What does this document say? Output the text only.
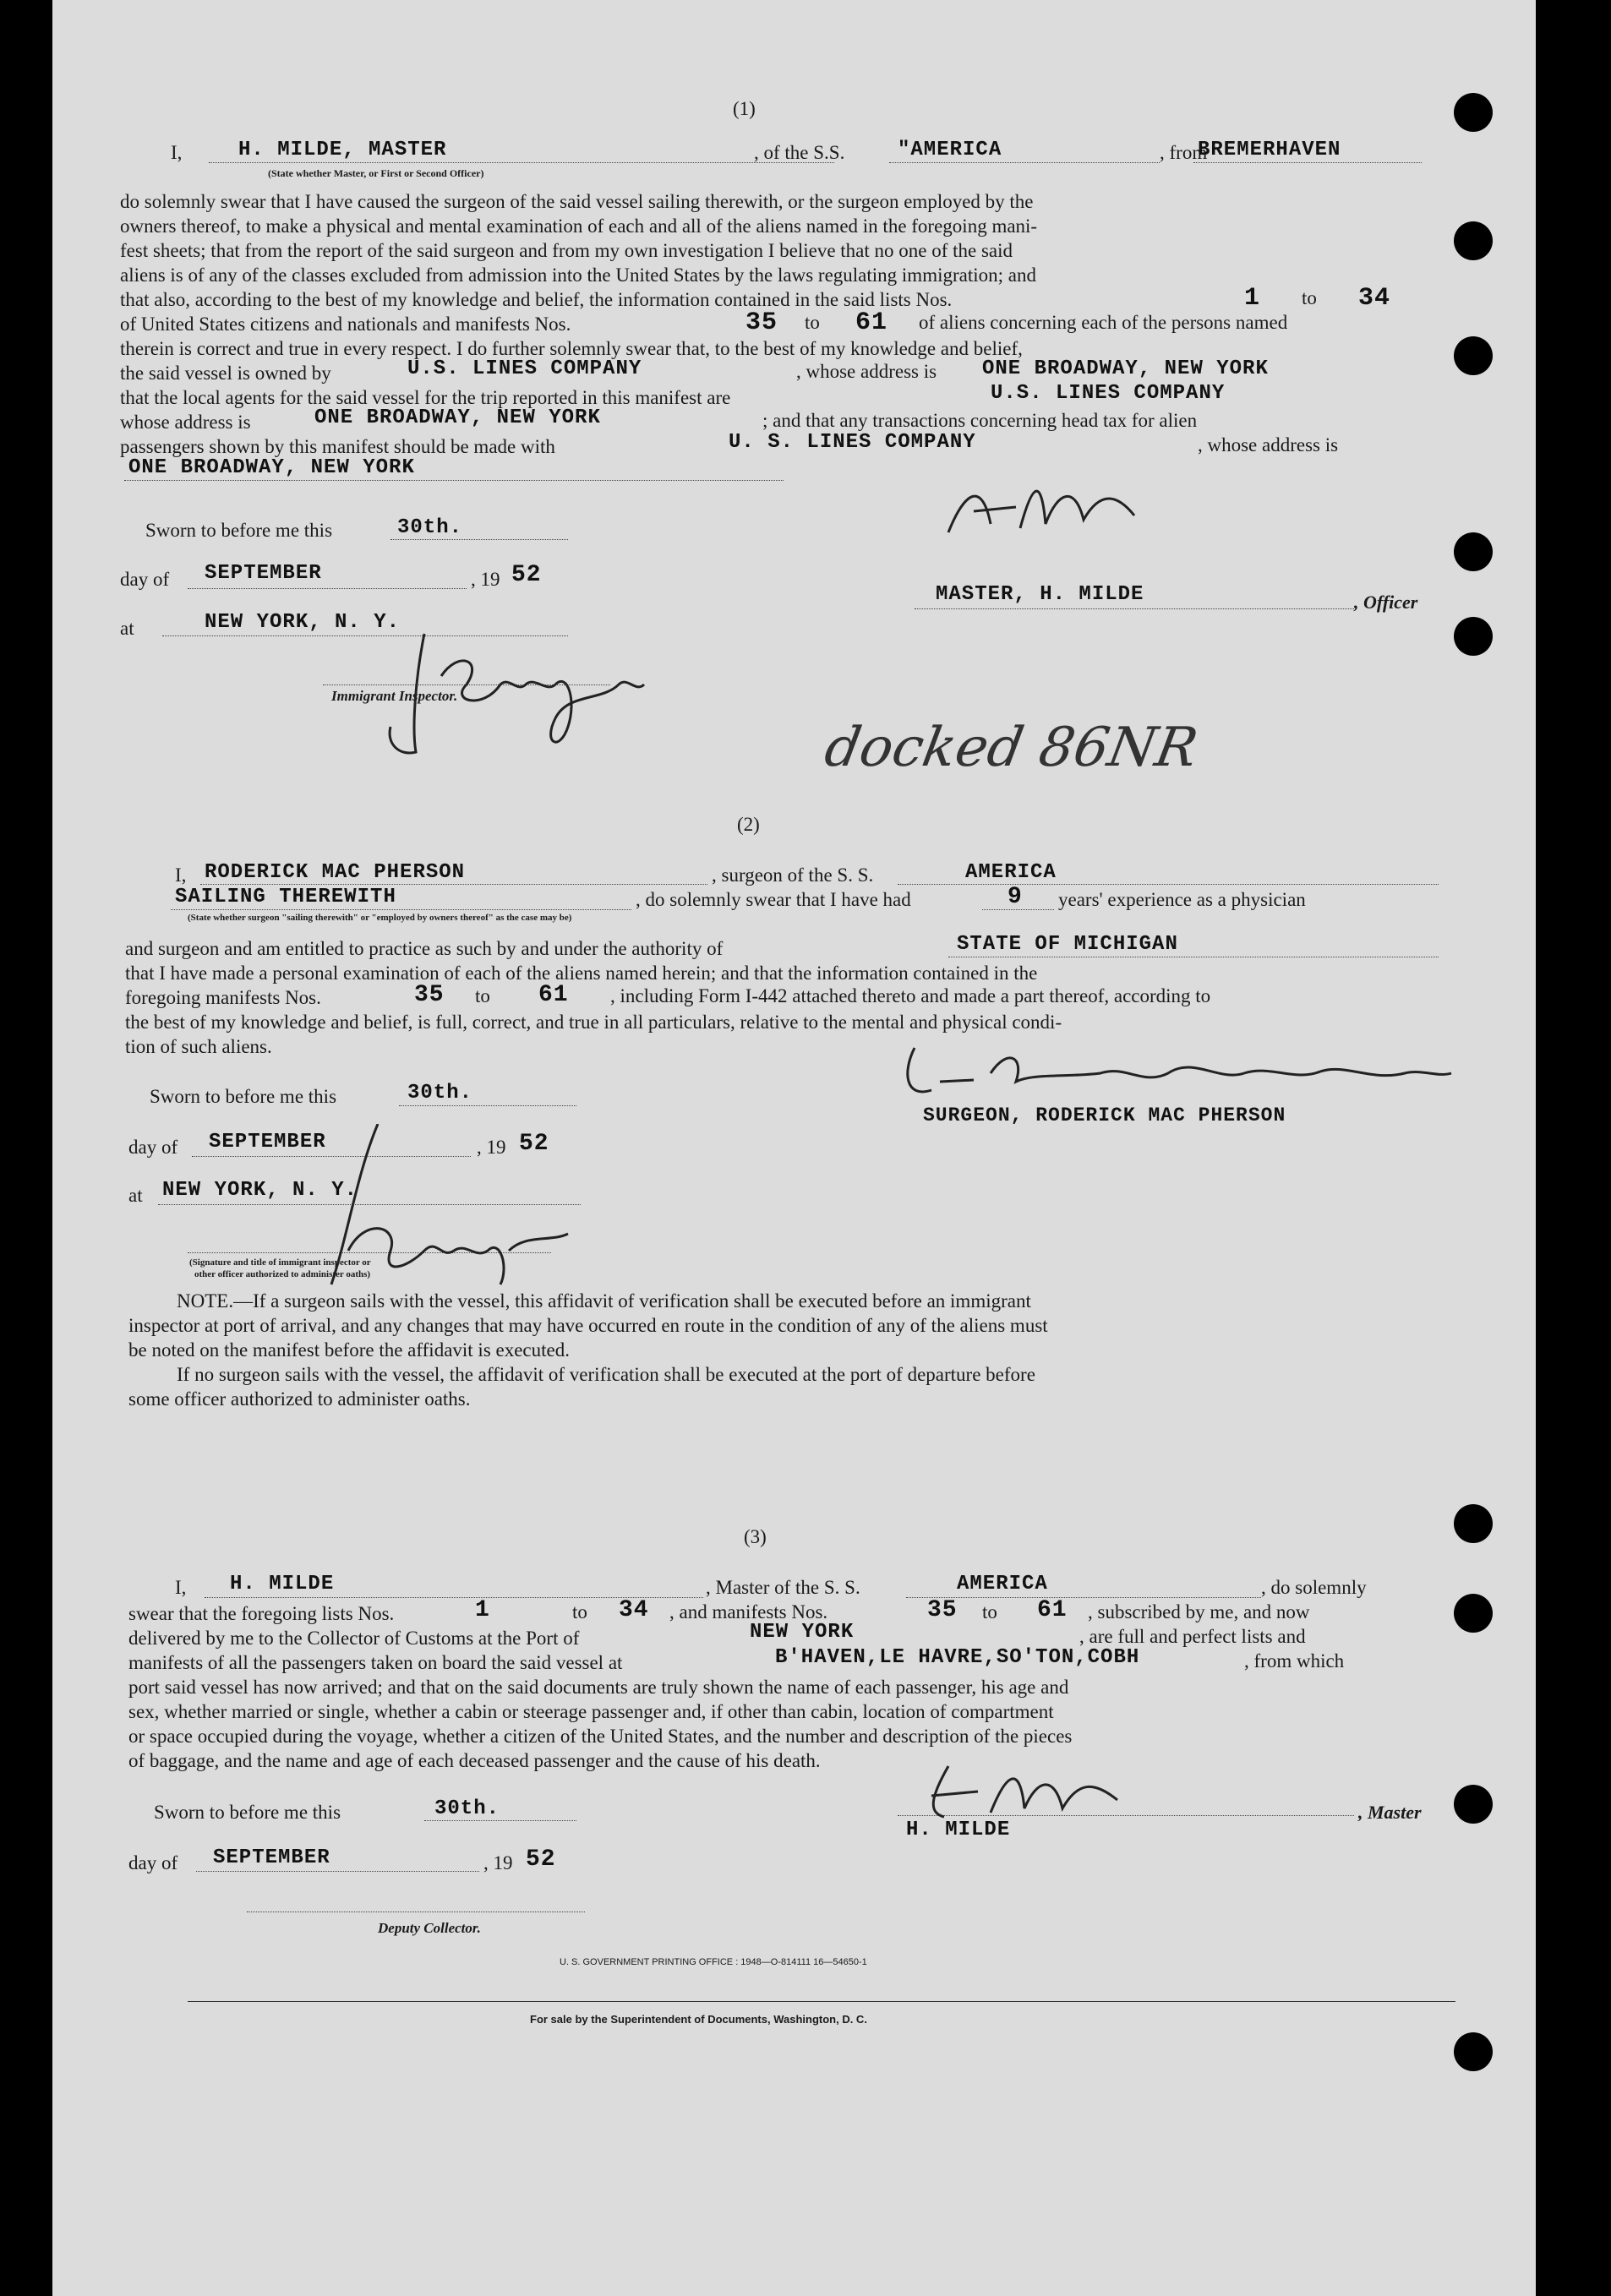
(1)
I,	H. MILDE, MASTER	, of the S.S.	"AMERICA	, from
BREMERHAVEN
(State whether Master, or First or Second Officer)
do solemnly swear that I have caused the surgeon of the said vessel sailing therewith, or the surgeon employed by the
owners thereof, to make a physical and mental examination of each and all of the aliens named in the foregoing mani-
fest sheets; that from the report of the said surgeon and from my own investigation I believe that no one of the said
aliens is of any of the classes excluded from admission into the United States by the laws regulating immigration; and
that also, according to the best of my knowledge and belief, the information contained in the said lists Nos.	1 to 34
of United States citizens and nationals and manifests Nos.	35 to 61 of aliens concerning each of the persons named
therein is correct and true in every respect. I do further solemnly swear that, to the best of my knowledge and belief,
the said vessel is owned by	U.S. LINES COMPANY	, whose address is ONE BROADWAY, NEW YORK
that the local agents for the said vessel for the trip reported in this manifest are	U.S. LINES COMPANY
whose address is	ONE BROADWAY, NEW YORK	; and that any transactions concerning head tax for alien
passengers shown by this manifest should be made with	U. S. LINES COMPANY	, whose address is
ONE BROADWAY, NEW YORK
Sworn to before me this	30th.
day of SEPTEMBER	, 19 52
at	NEW YORK, N. Y.
MASTER, H. MILDE	, Officer
Immigrant Inspector.
docked 86NR
(2)
I, RODERICK MAC PHERSON	, surgeon of the S. S.	AMERICA
SAILING THEREWITH	, do solemnly swear that I have had	9 years' experience as a physician
(State whether surgeon "sailing therewith" or "employed by owners thereof" as the case may be)
and surgeon and am entitled to practice as such by and under the authority of	STATE OF MICHIGAN
that I have made a personal examination of each of the aliens named herein; and that the information contained in the
foregoing manifests Nos.	35 to 61 , including Form I-442 attached thereto and made a part thereof, according to
the best of my knowledge and belief, is full, correct, and true in all particulars, relative to the mental and physical condi-
tion of such aliens.
Sworn to before me this	30th.
day of SEPTEMBER	, 19 52
at NEW YORK, N. Y.
(Signature and title of immigrant inspector or
other officer authorized to administer oaths)
SURGEON, RODERICK MAC PHERSON
NOTE.—If a surgeon sails with the vessel, this affidavit of verification shall be executed before an immigrant
inspector at port of arrival, and any changes that may have occurred en route in the condition of any of the aliens must
be noted on the manifest before the affidavit is executed.
If no surgeon sails with the vessel, the affidavit of verification shall be executed at the port of departure before
some officer authorized to administer oaths.
(3)
I, H. MILDE	, Master of the S. S.	AMERICA	, do solemnly
swear that the foregoing lists Nos.	1	to 34 , and manifests Nos.	35 to 61 , subscribed by me, and now
delivered by me to the Collector of Customs at the Port of	NEW YORK	, are full and perfect lists and
manifests of all the passengers taken on board the said vessel at	B'HAVEN,LE HAVRE,SO'TON,COBH	, from which
port said vessel has now arrived; and that on the said documents are truly shown the name of each passenger, his age and
sex, whether married or single, whether a cabin or steerage passenger and, if other than cabin, location of compartment
or space occupied during the voyage, whether a citizen of the United States, and the number and description of the pieces
of baggage, and the name and age of each deceased passenger and the cause of his death.
Sworn to before me this	30th.
H. MILDE
, Master
day of SEPTEMBER	, 19 52
Deputy Collector.
U. S. GOVERNMENT PRINTING OFFICE : 1948—O-814111 16—54650-1
For sale by the Superintendent of Documents, Washington, D. C.
